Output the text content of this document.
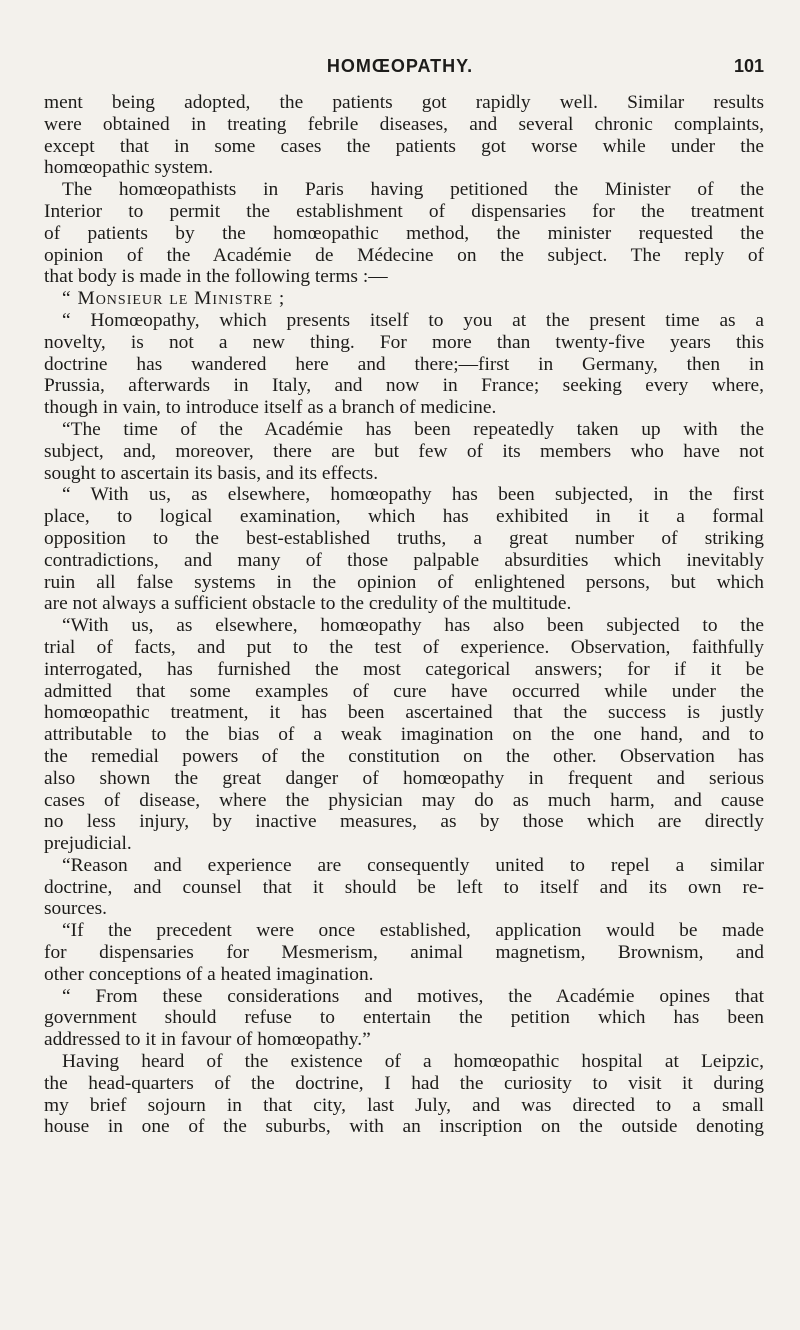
HOMŒOPATHY.	101
ment being adopted, the patients got rapidly well. Similar results
were obtained in treating febrile diseases, and several chronic complaints,
except that in some cases the patients got worse while under the
homœopathic system.
The homœopathists in Paris having petitioned the Minister of the
Interior to permit the establishment of dispensaries for the treatment
of patients by the homœopathic method, the minister requested the
opinion of the Académie de Médecine on the subject. The reply of
that body is made in the following terms :—
“ Monsieur le Ministre ;
“ Homœopathy, which presents itself to you at the present time as a
novelty, is not a new thing. For more than twenty-five years this
doctrine has wandered here and there;—first in Germany, then in
Prussia, afterwards in Italy, and now in France; seeking every where,
though in vain, to introduce itself as a branch of medicine.
“The time of the Académie has been repeatedly taken up with the
subject, and, moreover, there are but few of its members who have not
sought to ascertain its basis, and its effects.
“ With us, as elsewhere, homœopathy has been subjected, in the first
place, to logical examination, which has exhibited in it a formal
opposition to the best-established truths, a great number of striking
contradictions, and many of those palpable absurdities which inevitably
ruin all false systems in the opinion of enlightened persons, but which
are not always a sufficient obstacle to the credulity of the multitude.
“With us, as elsewhere, homœopathy has also been subjected to the
trial of facts, and put to the test of experience. Observation, faithfully
interrogated, has furnished the most categorical answers; for if it be
admitted that some examples of cure have occurred while under the
homœopathic treatment, it has been ascertained that the success is justly
attributable to the bias of a weak imagination on the one hand, and to
the remedial powers of the constitution on the other. Observation has
also shown the great danger of homœopathy in frequent and serious
cases of disease, where the physician may do as much harm, and cause
no less injury, by inactive measures, as by those which are directly
prejudicial.
“Reason and experience are consequently united to repel a similar
doctrine, and counsel that it should be left to itself and its own re-
sources.
“If the precedent were once established, application would be made
for dispensaries for Mesmerism, animal magnetism, Brownism, and
other conceptions of a heated imagination.
“ From these considerations and motives, the Académie opines that
government should refuse to entertain the petition which has been
addressed to it in favour of homœopathy.”
Having heard of the existence of a homœopathic hospital at Leipzic,
the head-quarters of the doctrine, I had the curiosity to visit it during
my brief sojourn in that city, last July, and was directed to a small
house in one of the suburbs, with an inscription on the outside denoting
